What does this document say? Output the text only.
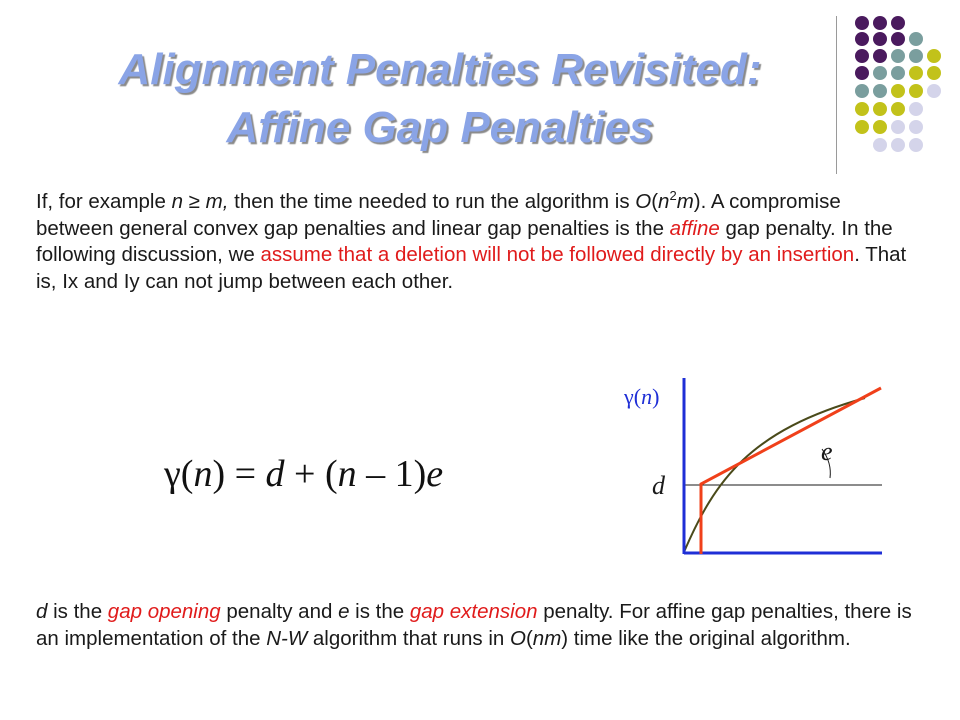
Alignment Penalties Revisited:
Affine Gap Penalties
If, for example n ≥ m, then the time needed to run the algorithm is $O(n^2m)$. A compromise between general convex gap penalties and linear gap penalties is the affine gap penalty. In the following discussion, we assume that a deletion will not be followed directly by an insertion. That is, Ix and Iy can not jump between each other.
γ(n) = d + (n – 1)e
γ(n)
d
e
d is the gap opening penalty and e is the gap extension penalty. For affine gap penalties, there is an implementation of the N-W algorithm that runs in O(nm) time like the original algorithm.
